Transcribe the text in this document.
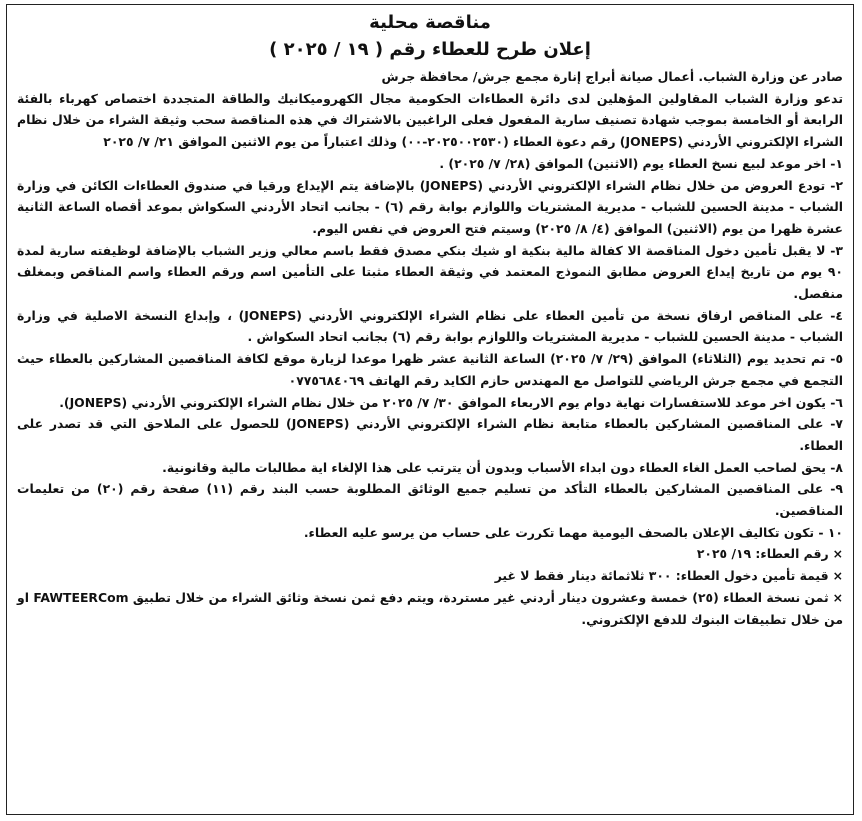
مناقصة محلية

إعلان طرح للعطاء رقم ( ١٩ / ٢٠٢٥ )

صادر عن وزارة الشباب. أعمال صيانة أبراج إنارة مجمع جرش/ محافظة جرش

تدعو وزارة الشباب المقاولين المؤهلين لدى دائرة العطاءات الحكومية مجال الكهروميكانيك والطاقة المتجددة اختصاص كهرباء بالفئة الرابعة أو الخامسة بموجب شهادة تصنيف سارية المفعول فعلى الراغبين بالاشتراك في هذه المناقصة سحب وثيقة الشراء من خلال نظام الشراء الإلكتروني الأردني (JONEPS) رقم دعوة العطاء (٢٠٢٥٠٠٢٥٣٠-٠٠) وذلك اعتباراً من يوم الاثنين الموافق ٢١/ ٧/ ٢٠٢٥

١- اخر موعد لبيع نسخ العطاء يوم (الاثنين) الموافق (٢٨/ ٧/ ٢٠٢٥) .

٢- تودع العروض من خلال نظام الشراء الإلكتروني الأردني (JONEPS) بالإضافة يتم الإيداع ورقيا في صندوق العطاءات الكائن في وزارة الشباب - مدينة الحسين للشباب - مديرية المشتريات واللوازم بوابة رقم (٦) - بجانب اتحاد الأردني السكواش بموعد أقصاه الساعة الثانية عشرة ظهرا من يوم (الاثنين) الموافق (٤/ ٨/ ٢٠٢٥) وسيتم فتح العروض في نفس اليوم.

٣- لا يقبل تأمين دخول المناقصة الا كفالة مالية بنكية او شيك بنكي مصدق فقط باسم معالي وزير الشباب بالإضافة لوظيفته سارية لمدة ٩٠ يوم من تاريخ إيداع العروض مطابق النموذج المعتمد في وثيقة العطاء مثبتا على التأمين اسم ورقم العطاء واسم المناقص وبمغلف منفصل.

٤- على المناقص ارفاق نسخة من تأمين العطاء على نظام الشراء الإلكتروني الأردني (JONEPS) ، وإبداع النسخة الاصلية في وزارة الشباب - مدينة الحسين للشباب - مديرية المشتريات واللوازم بوابة رقم (٦) بجانب اتحاد السكواش .

٥- تم تحديد يوم (الثلاثاء) الموافق (٢٩/ ٧/ ٢٠٢٥) الساعة الثانية عشر ظهرا موعدا لزيارة موقع لكافة المناقصين المشاركين بالعطاء حيث التجمع في مجمع جرش الرياضي للتواصل مع المهندس حازم الكايد رقم الهاتف ٠٧٧٥٦٨٤٠٦٩

٦- يكون اخر موعد للاستفسارات نهاية دوام يوم الاربعاء الموافق ٣٠/ ٧/ ٢٠٢٥ من خلال نظام الشراء الإلكتروني الأردني (JONEPS).

٧- على المناقصين المشاركين بالعطاء متابعة نظام الشراء الإلكتروني الأردني (JONEPS) للحصول على الملاحق التي قد تصدر على العطاء.

٨- يحق لصاحب العمل الغاء العطاء دون ابداء الأسباب وبدون أن يترتب على هذا الإلغاء اية مطالبات مالية وقانونية.

٩- على المناقصين المشاركين بالعطاء التأكد من تسليم جميع الوثائق المطلوبة حسب البند رقم (١١) صفحة رقم (٢٠) من تعليمات المناقصين.

١٠ - تكون تكاليف الإعلان بالصحف اليومية مهما تكررت على حساب من يرسو عليه العطاء.

× رقم العطاء: ١٩/ ٢٠٢٥

× قيمة تأمين دخول العطاء: ٣٠٠ ثلاثمائة دينار فقط لا غير

× ثمن نسخة العطاء (٢٥) خمسة وعشرون دينار أردني غير مستردة، ويتم دفع ثمن نسخة وثائق الشراء من خلال تطبيق FAWTEERCom او من خلال تطبيقات البنوك للدفع الإلكتروني.
